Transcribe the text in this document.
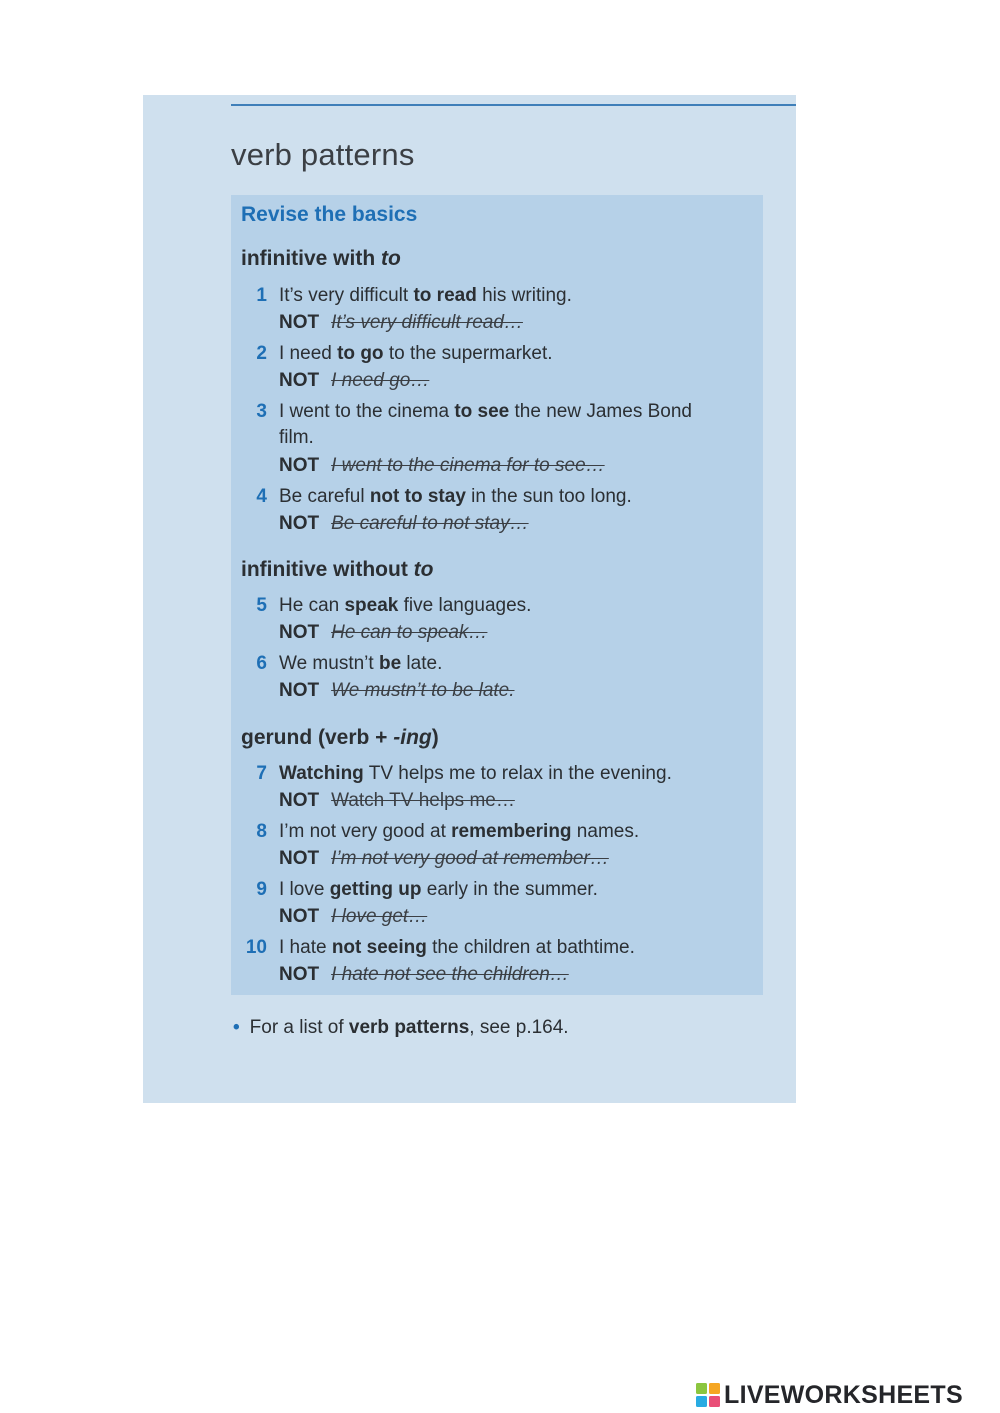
verb patterns
Revise the basics
infinitive with to
1 It’s very difficult to read his writing.
NOT It’s very difficult read…
2 I need to go to the supermarket.
NOT I need go…
3 I went to the cinema to see the new James Bond film.
NOT I went to the cinema for to see…
4 Be careful not to stay in the sun too long.
NOT Be careful to not stay…
infinitive without to
5 He can speak five languages.
NOT He can to speak…
6 We mustn’t be late.
NOT We mustn’t to be late.
gerund (verb + -ing)
7 Watching TV helps me to relax in the evening.
NOT Watch TV helps me…
8 I’m not very good at remembering names.
NOT I’m not very good at remember…
9 I love getting up early in the summer.
NOT I love get…
10 I hate not seeing the children at bathtime.
NOT I hate not see the children…
• For a list of verb patterns, see p.164.
LIVEWORKSHEETS
